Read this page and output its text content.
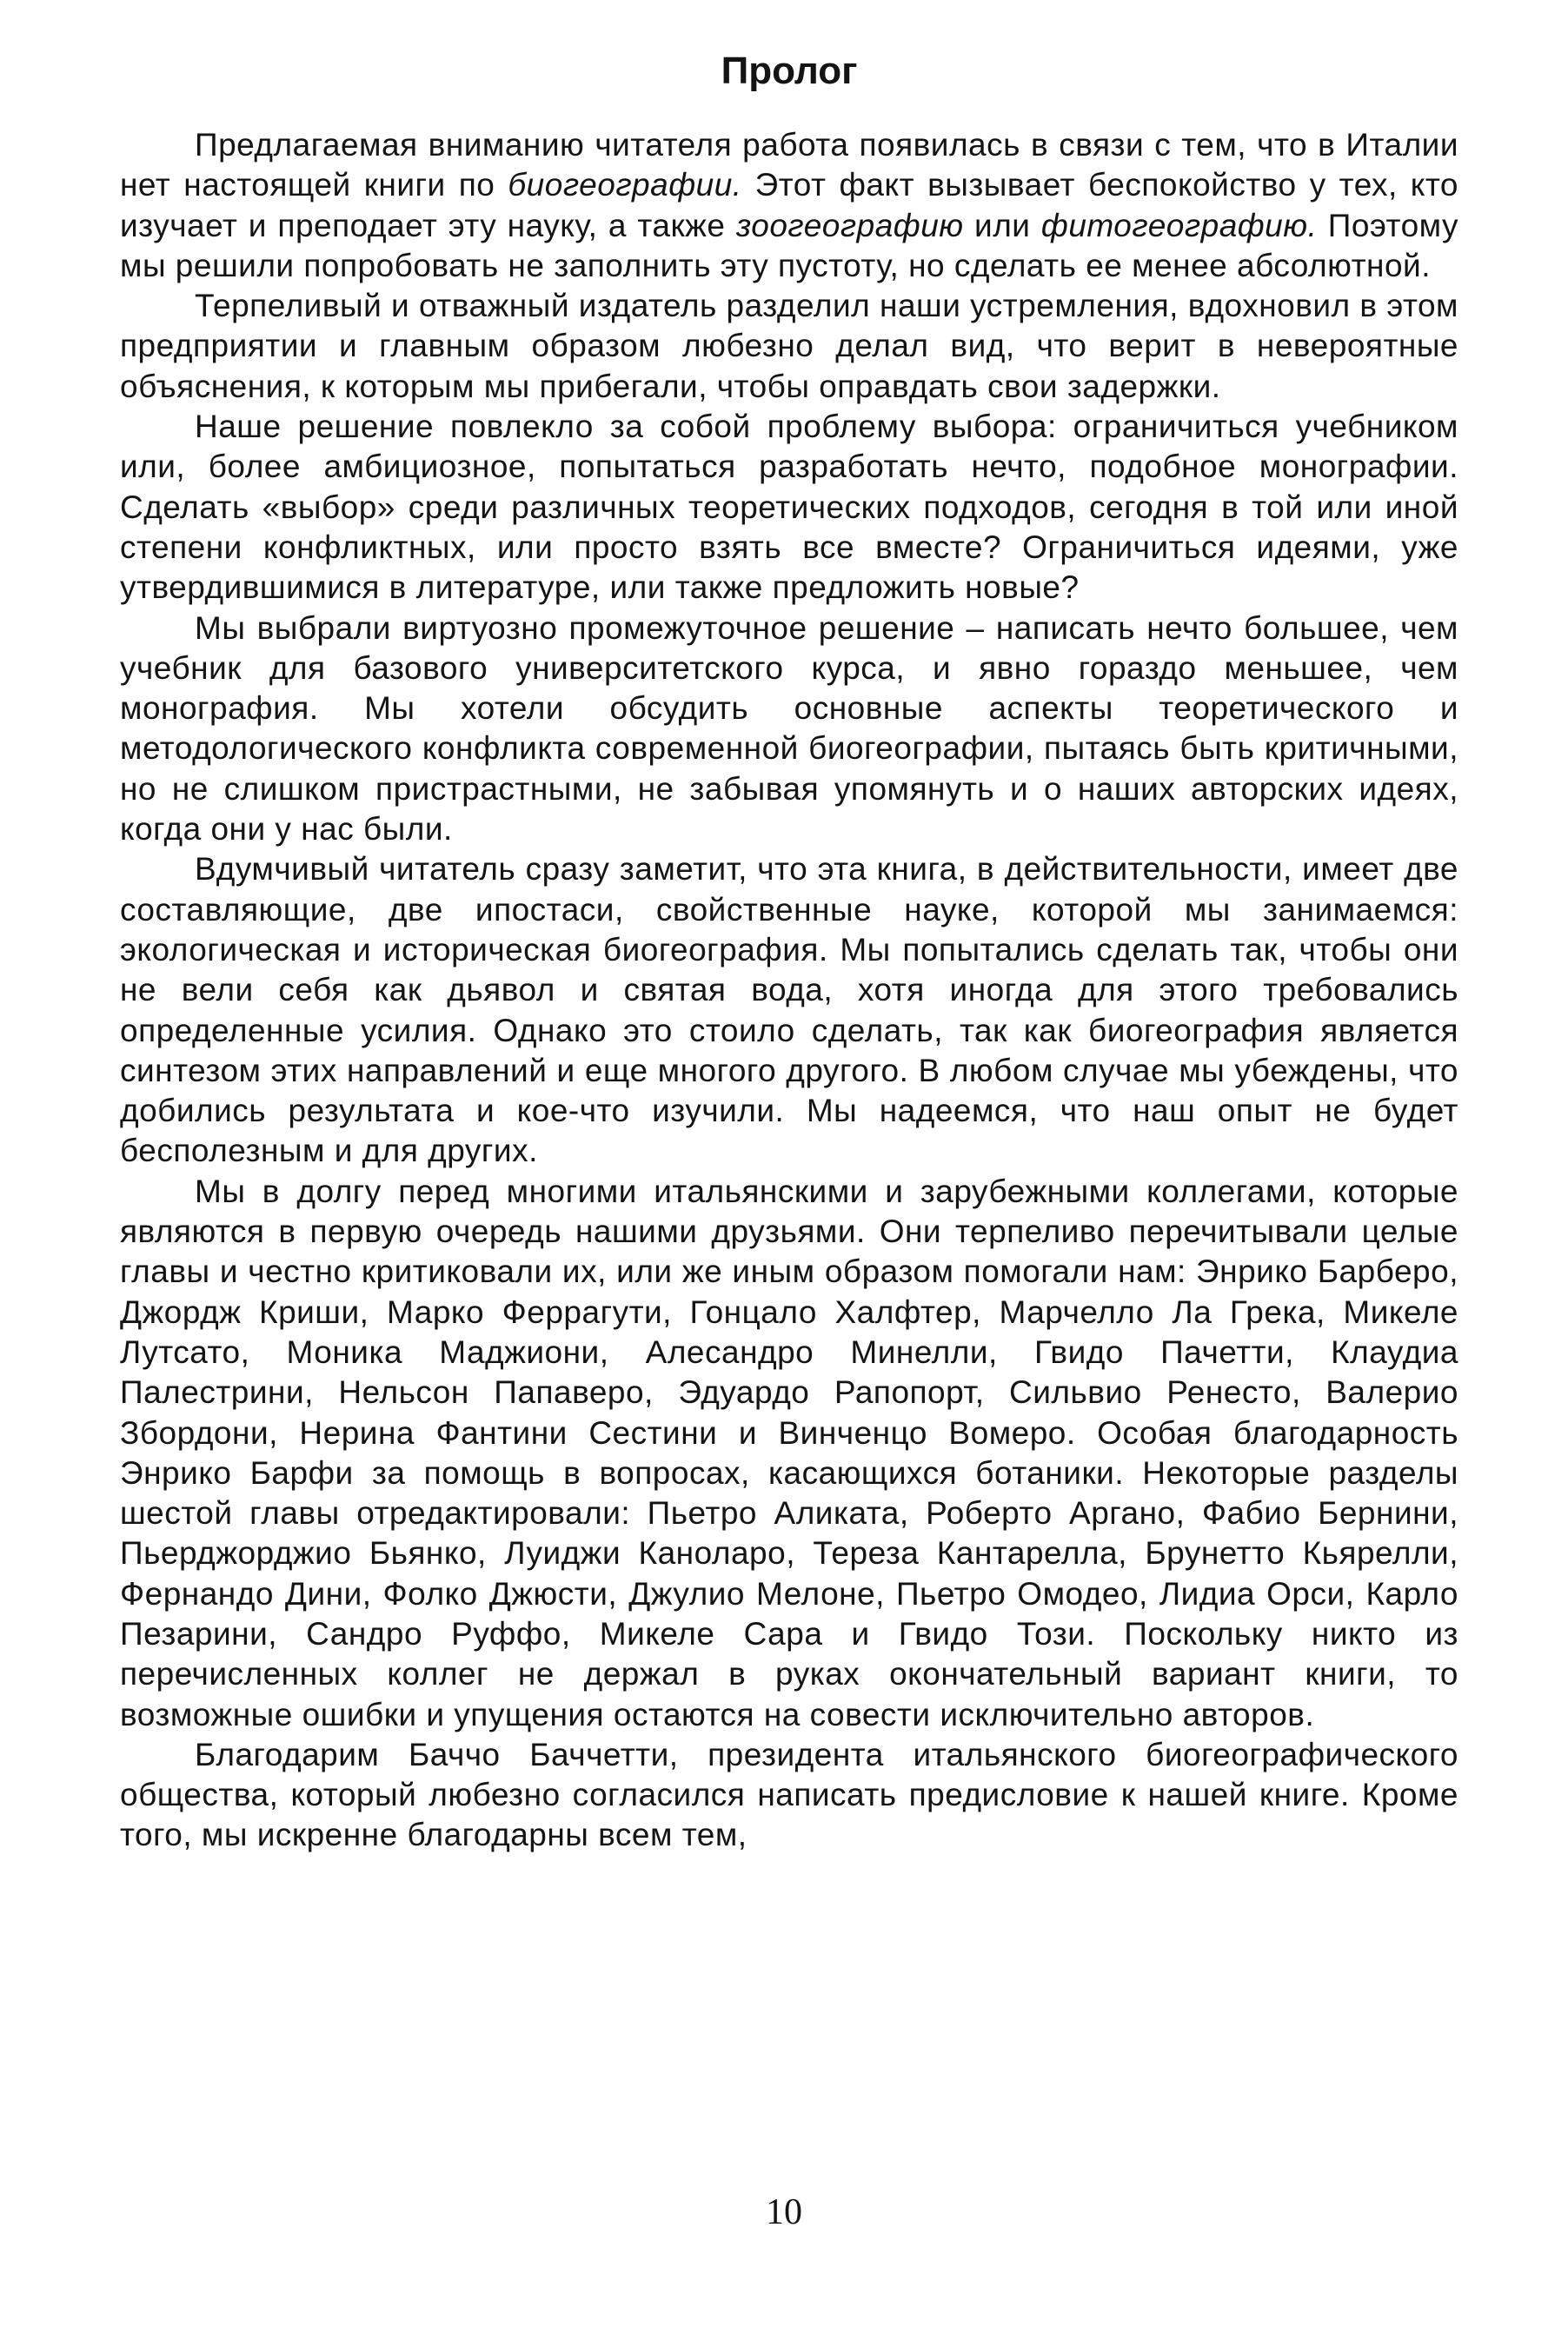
Пролог

Предлагаемая вниманию читателя работа появилась в связи с тем, что в Италии нет настоящей книги по биогеографии. Этот факт вызывает беспокойство у тех, кто изучает и преподает эту науку, а также зоогеографию или фитогеографию. Поэтому мы решили попробовать не заполнить эту пустоту, но сделать ее менее абсолютной.

Терпеливый и отважный издатель разделил наши устремления, вдохновил в этом предприятии и главным образом любезно делал вид, что верит в невероятные объяснения, к которым мы прибегали, чтобы оправдать свои задержки.

Наше решение повлекло за собой проблему выбора: ограничиться учебником или, более амбициозное, попытаться разработать нечто, подобное монографии. Сделать «выбор» среди различных теоретических подходов, сегодня в той или иной степени конфликтных, или просто взять все вместе? Ограничиться идеями, уже утвердившимися в литературе, или также предложить новые?

Мы выбрали виртуозно промежуточное решение – написать нечто большее, чем учебник для базового университетского курса, и явно гораздо меньшее, чем монография. Мы хотели обсудить основные аспекты теоретического и методологического конфликта современной биогеографии, пытаясь быть критичными, но не слишком пристрастными, не забывая упомянуть и о наших авторских идеях, когда они у нас были.

Вдумчивый читатель сразу заметит, что эта книга, в действительности, имеет две составляющие, две ипостаси, свойственные науке, которой мы занимаемся: экологическая и историческая биогеография. Мы попытались сделать так, чтобы они не вели себя как дьявол и святая вода, хотя иногда для этого требовались определенные усилия. Однако это стоило сделать, так как биогеография является синтезом этих направлений и еще многого другого. В любом случае мы убеждены, что добились результата и кое-что изучили. Мы надеемся, что наш опыт не будет бесполезным и для других.

Мы в долгу перед многими итальянскими и зарубежными коллегами, которые являются в первую очередь нашими друзьями. Они терпеливо перечитывали целые главы и честно критиковали их, или же иным образом помогали нам: Энрико Барберо, Джордж Криши, Марко Феррагути, Гонцало Халфтер, Марчелло Ла Грека, Микеле Лутсато, Моника Маджиони, Алесандро Минелли, Гвидо Пачетти, Клаудиа Палестрини, Нельсон Папаверо, Эдуардо Рапопорт, Сильвио Ренесто, Валерио Збордони, Нерина Фантини Сестини и Винченцо Вомеро. Особая благодарность Энрико Барфи за помощь в вопросах, касающихся ботаники. Некоторые разделы шестой главы отредактировали: Пьетро Аликата, Роберто Аргано, Фабио Бернини, Пьерджорджио Бьянко, Луиджи Каноларо, Тереза Кантарелла, Брунетто Кьярелли, Фернандо Дини, Фолко Джюсти, Джулио Мелоне, Пьетро Омодео, Лидиа Орси, Карло Пезарини, Сандро Руффо, Микеле Сара и Гвидо Този. Поскольку никто из перечисленных коллег не держал в руках окончательный вариант книги, то возможные ошибки и упущения остаются на совести исключительно авторов.

Благодарим Баччо Баччетти, президента итальянского биогеографического общества, который любезно согласился написать предисловие к нашей книге. Кроме того, мы искренне благодарны всем тем,

10
